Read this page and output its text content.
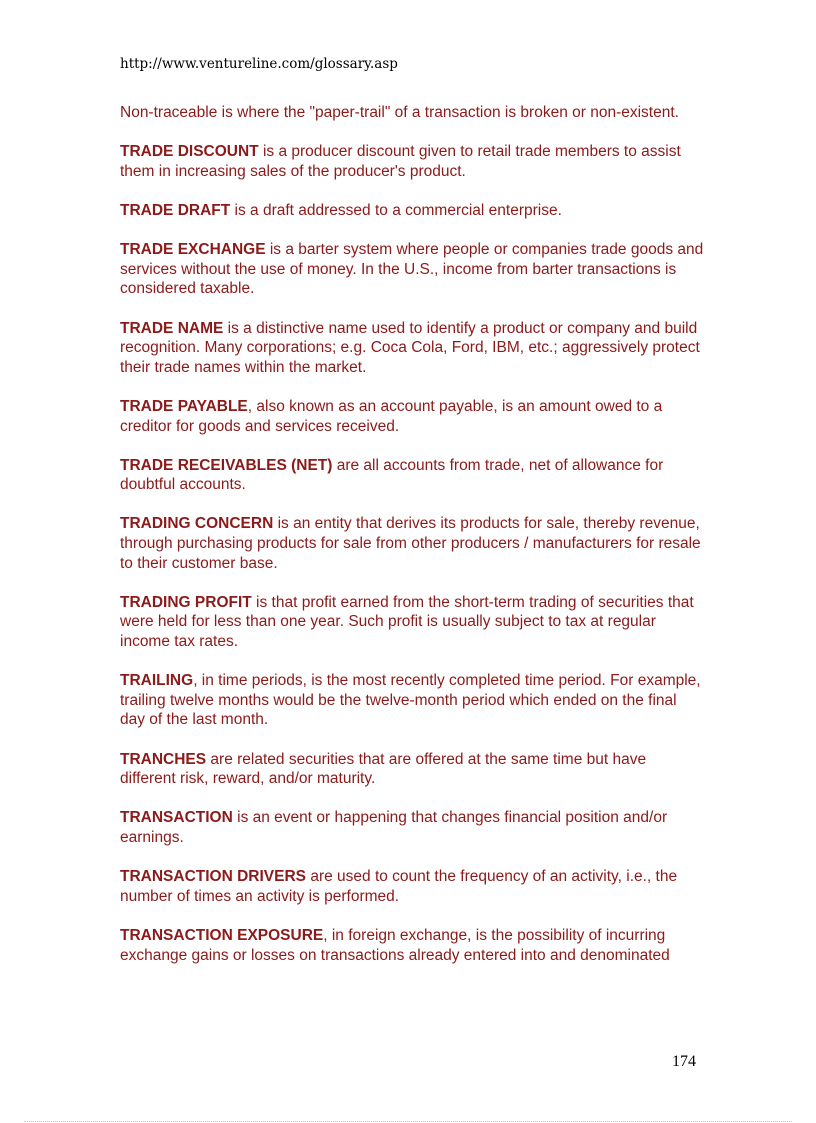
http://www.ventureline.com/glossary.asp

Non-traceable is where the "paper-trail" of a transaction is broken or non-existent.

TRADE DISCOUNT is a producer discount given to retail trade members to assist them in increasing sales of the producer's product.

TRADE DRAFT is a draft addressed to a commercial enterprise.

TRADE EXCHANGE is a barter system where people or companies trade goods and services without the use of money. In the U.S., income from barter transactions is considered taxable.

TRADE NAME is a distinctive name used to identify a product or company and build recognition. Many corporations; e.g. Coca Cola, Ford, IBM, etc.; aggressively protect their trade names within the market.

TRADE PAYABLE, also known as an account payable, is an amount owed to a creditor for goods and services received.

TRADE RECEIVABLES (NET) are all accounts from trade, net of allowance for doubtful accounts.

TRADING CONCERN is an entity that derives its products for sale, thereby revenue, through purchasing products for sale from other producers / manufacturers for resale to their customer base.

TRADING PROFIT is that profit earned from the short-term trading of securities that were held for less than one year. Such profit is usually subject to tax at regular income tax rates.

TRAILING, in time periods, is the most recently completed time period. For example, trailing twelve months would be the twelve-month period which ended on the final day of the last month.

TRANCHES are related securities that are offered at the same time but have different risk, reward, and/or maturity.

TRANSACTION is an event or happening that changes financial position and/or earnings.

TRANSACTION DRIVERS are used to count the frequency of an activity, i.e., the number of times an activity is performed.

TRANSACTION EXPOSURE, in foreign exchange, is the possibility of incurring exchange gains or losses on transactions already entered into and denominated

174
